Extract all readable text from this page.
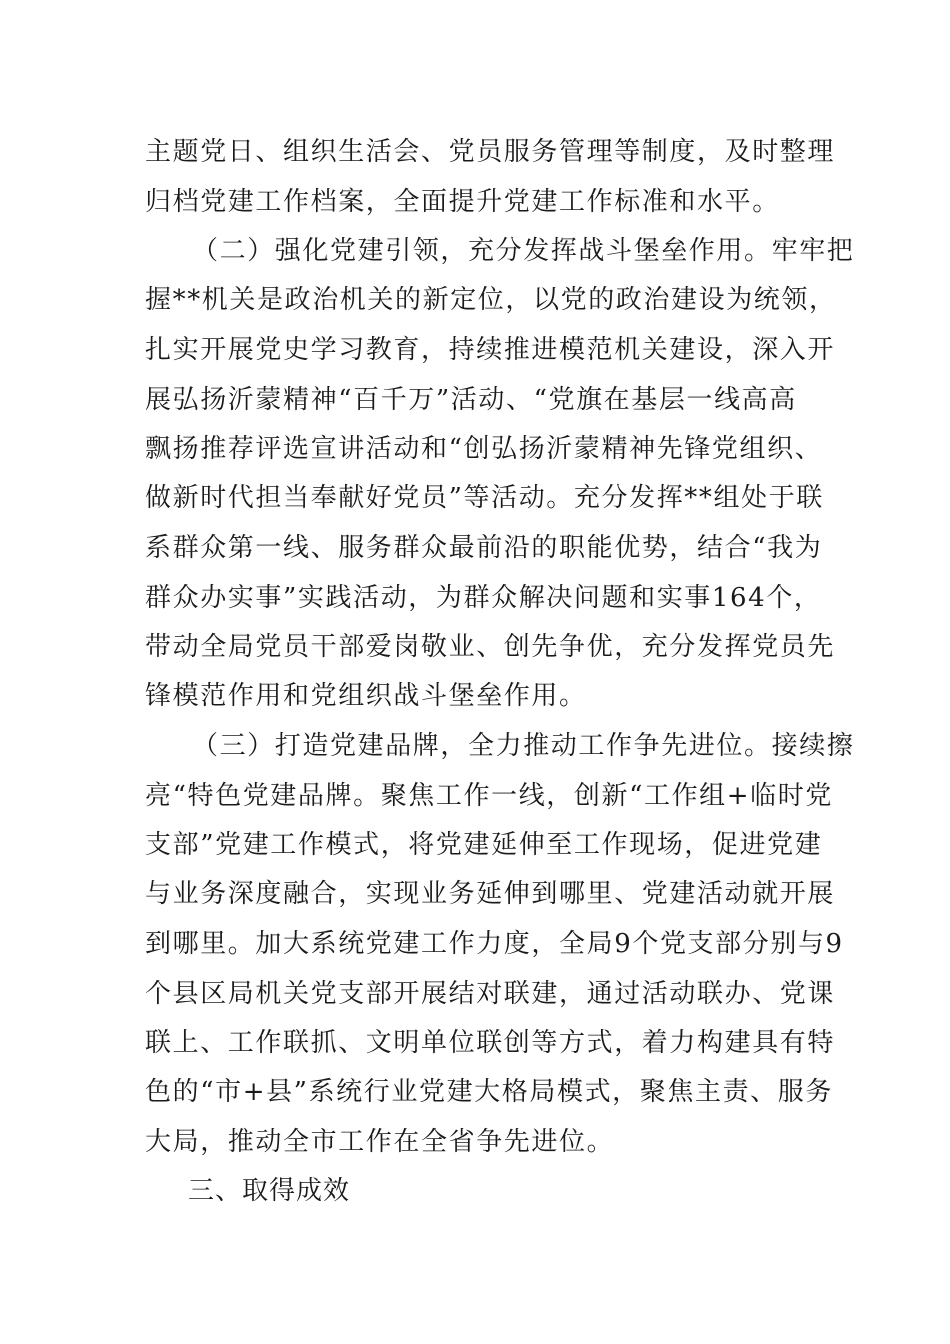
主题党日、组织生活会、党员服务管理等制度，及时整理
归档党建工作档案，全面提升党建工作标准和水平。
（二）强化党建引领，充分发挥战斗堡垒作用。牢牢把
握**机关是政治机关的新定位，以党的政治建设为统领，
扎实开展党史学习教育，持续推进模范机关建设，深入开
展弘扬沂蒙精神“百千万”活动、“党旗在基层一线高高
飘扬推荐评选宣讲活动和“创弘扬沂蒙精神先锋党组织、
做新时代担当奉献好党员”等活动。充分发挥**组处于联
系群众第一线、服务群众最前沿的职能优势，结合“我为
群众办实事”实践活动，为群众解决问题和实事164个，
带动全局党员干部爱岗敬业、创先争优，充分发挥党员先
锋模范作用和党组织战斗堡垒作用。
（三）打造党建品牌，全力推动工作争先进位。接续擦
亮“特色党建品牌。聚焦工作一线，创新“工作组+临时党
支部”党建工作模式，将党建延伸至工作现场，促进党建
与业务深度融合，实现业务延伸到哪里、党建活动就开展
到哪里。加大系统党建工作力度，全局9个党支部分别与9
个县区局机关党支部开展结对联建，通过活动联办、党课
联上、工作联抓、文明单位联创等方式，着力构建具有特
色的“市+县”系统行业党建大格局模式，聚焦主责、服务
大局，推动全市工作在全省争先进位。
三、取得成效
